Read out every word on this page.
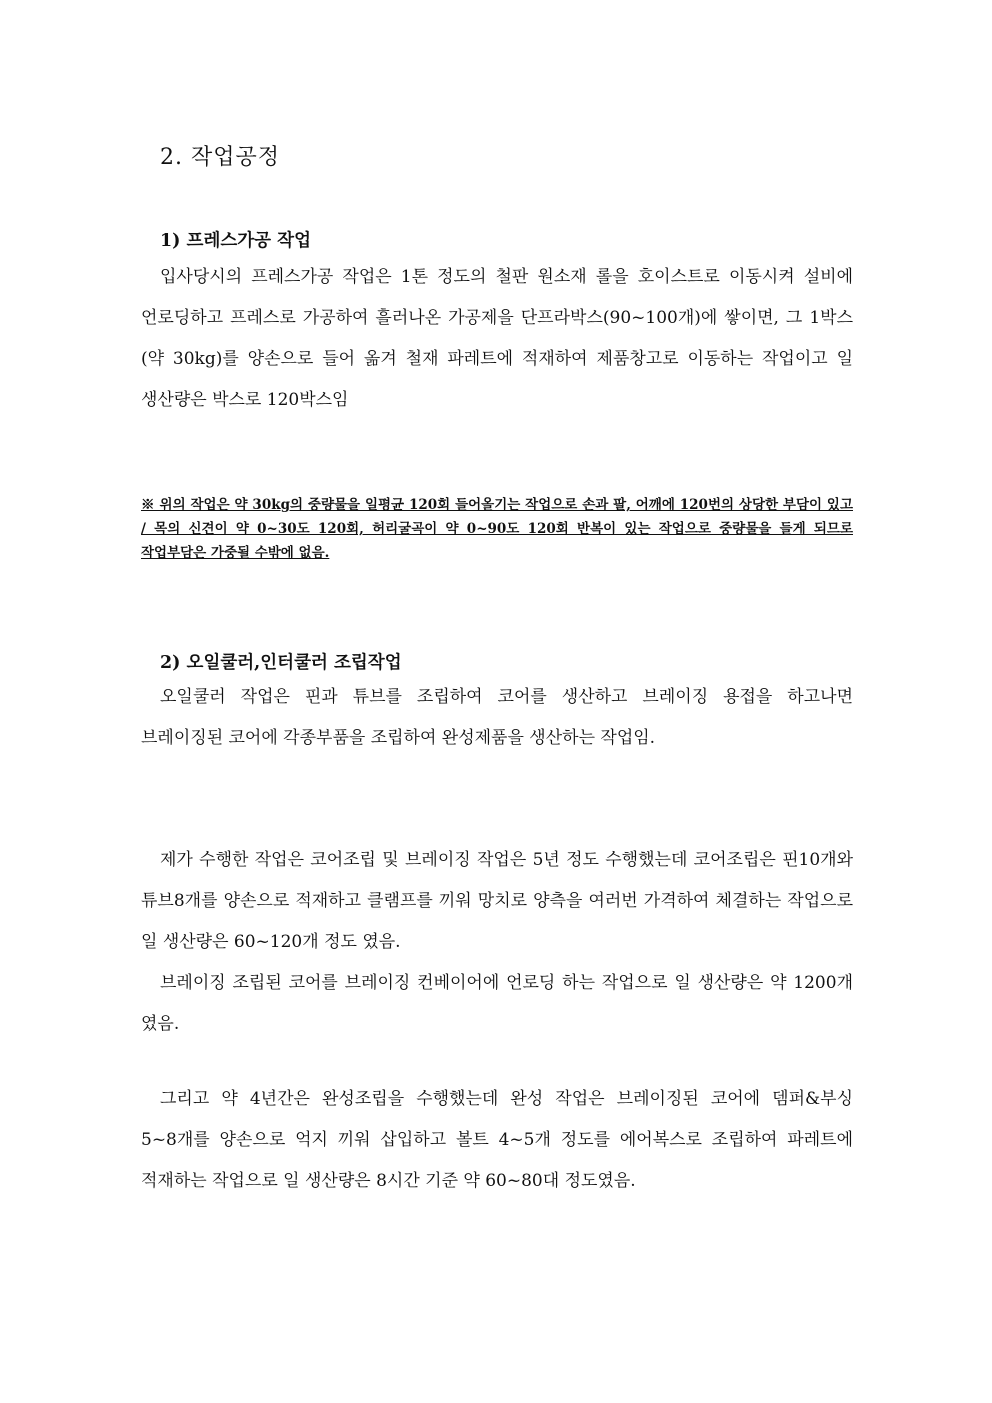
2. 작업공정
1) 프레스가공 작업

입사당시의 프레스가공 작업은 1톤 정도의 철판 원소재 롤을 호이스트로 이동시켜 설비에 언로딩하고 프레스로 가공하여 흘러나온 가공제을 단프라박스(90~100개)에 쌓이면, 그 1박스(약 30kg)를 양손으로 들어 옮겨 철재 파레트에 적재하여 제품창고로 이동하는 작업이고 일 생산량은 박스로 120박스임

※ 위의 작업은 약 30kg의 중량물을 일평균 120회 들어올기는 작업으로 손과 팔, 어깨에 120번의 상당한 부담이 있고 / 목의 신견이 약 0~30도 120회, 허리굴곡이 약 0~90도 120회 반복이 있는 작업으로 중량물을 들게 되므로 작업부담은 가중될 수밖에 없음.

2) 오일쿨러,인터쿨러 조립작업

오일쿨러 작업은 핀과 튜브를 조립하여 코어를 생산하고 브레이징 용접을 하고나면 브레이징된 코어에 각종부품을 조립하여 완성제품을 생산하는 작업임.

제가 수행한 작업은 코어조립 및 브레이징 작업은 5년 정도 수행했는데 코어조립은 핀10개와 튜브8개를 양손으로 적재하고 클램프를 끼워 망치로 양측을 여러번 가격하여 체결하는 작업으로 일 생산량은 60~120개 정도 였음.

브레이징 조립된 코어를 브레이징 컨베이어에 언로딩 하는 작업으로 일 생산량은 약 1200개 였음.

그리고 약 4년간은 완성조립을 수행했는데 완성 작업은 브레이징된 코어에 뎀퍼&부싱 5~8개를 양손으로 억지 끼워 삽입하고 볼트 4~5개 정도를 에어복스로 조립하여 파레트에 적재하는 작업으로 일 생산량은 8시간 기준 약 60~80대 정도였음.
